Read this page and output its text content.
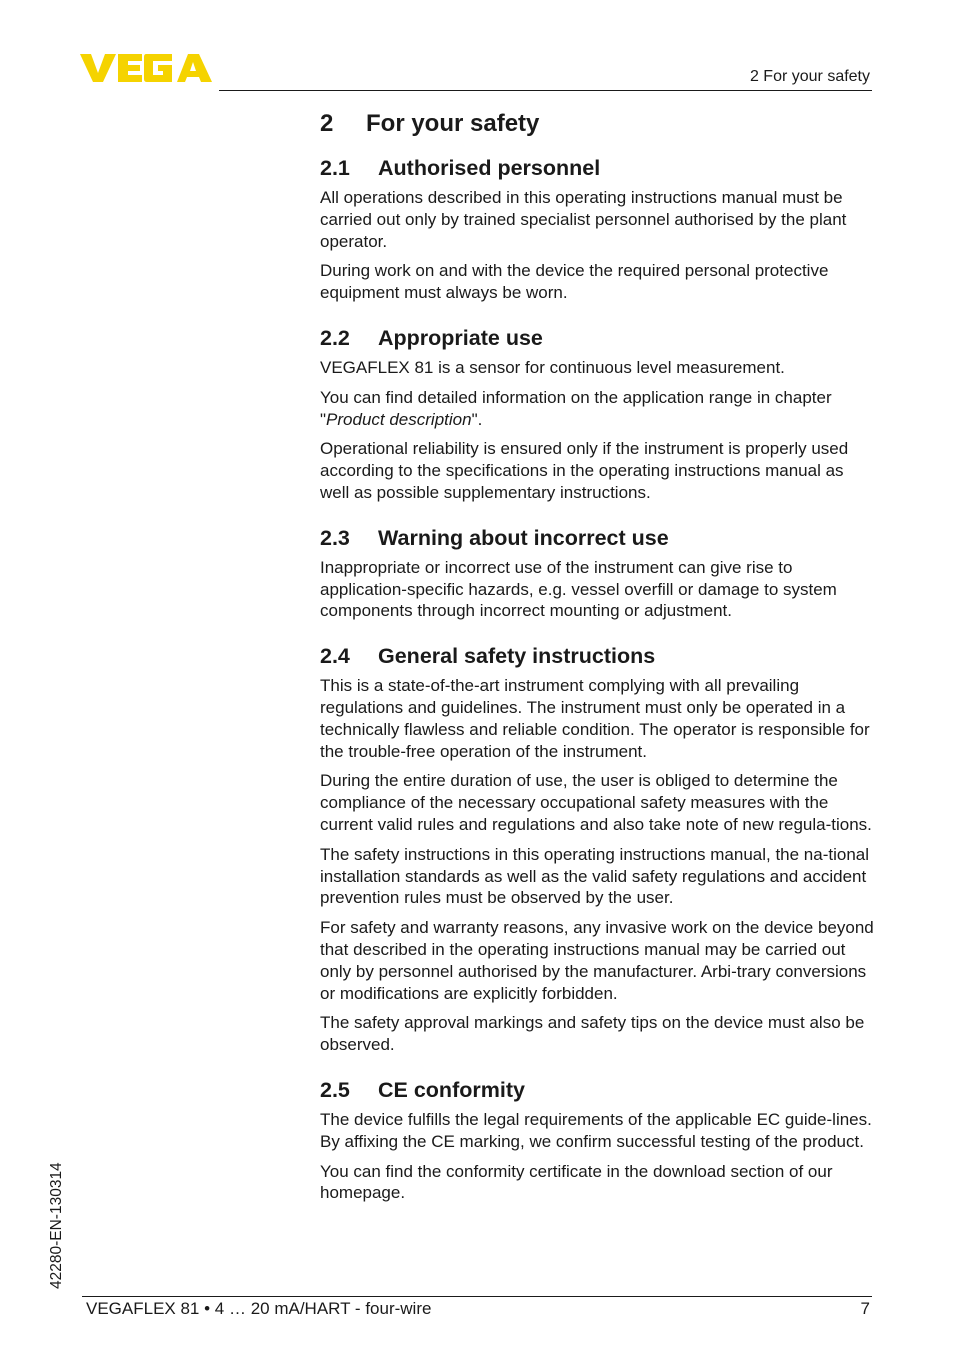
2 For your safety
2 For your safety
2.1 Authorised personnel

All operations described in this operating instructions manual must be carried out only by trained specialist personnel authorised by the plant operator.

During work on and with the device the required personal protective equipment must always be worn.

2.2 Appropriate use

VEGAFLEX 81 is a sensor for continuous level measurement.

You can find detailed information on the application range in chapter "Product description".

Operational reliability is ensured only if the instrument is properly used according to the specifications in the operating instructions manual as well as possible supplementary instructions.

2.3 Warning about incorrect use

Inappropriate or incorrect use of the instrument can give rise to application-specific hazards, e.g. vessel overfill or damage to system components through incorrect mounting or adjustment.

2.4 General safety instructions

This is a state-of-the-art instrument complying with all prevailing regulations and guidelines. The instrument must only be operated in a technically flawless and reliable condition. The operator is responsible for the trouble-free operation of the instrument.

During the entire duration of use, the user is obliged to determine the compliance of the necessary occupational safety measures with the current valid rules and regulations and also take note of new regula-tions.

The safety instructions in this operating instructions manual, the na-tional installation standards as well as the valid safety regulations and accident prevention rules must be observed by the user.

For safety and warranty reasons, any invasive work on the device beyond that described in the operating instructions manual may be carried out only by personnel authorised by the manufacturer. Arbi-trary conversions or modifications are explicitly forbidden.

The safety approval markings and safety tips on the device must also be observed.

2.5 CE conformity

The device fulfills the legal requirements of the applicable EC guide-lines. By affixing the CE marking, we confirm successful testing of the product.

You can find the conformity certificate in the download section of our homepage.

42280-EN-130314
VEGAFLEX 81 • 4 … 20 mA/HART - four-wire	7
